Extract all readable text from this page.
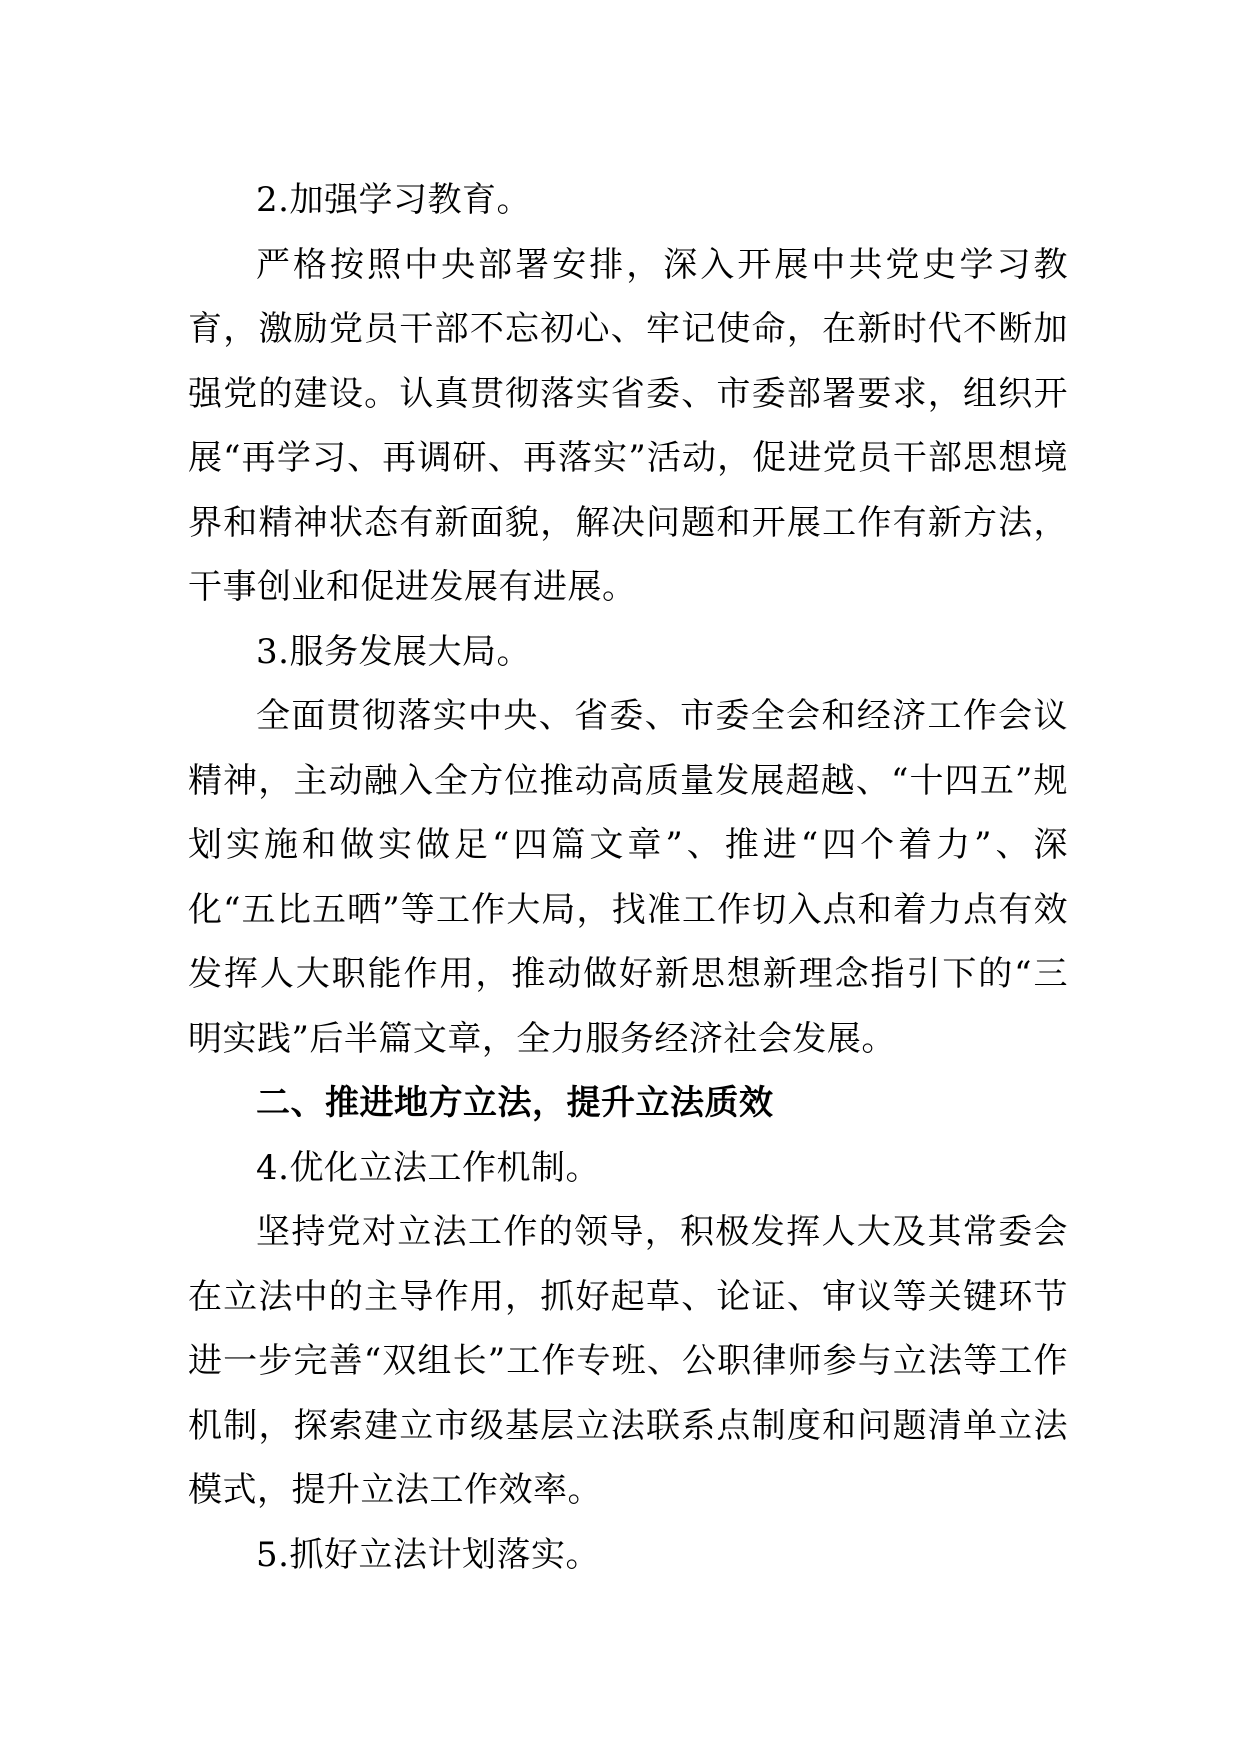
2.加强学习教育。

严格按照中央部署安排，深入开展中共党史学习教育，激励党员干部不忘初心、牢记使命，在新时代不断加强党的建设。认真贯彻落实省委、市委部署要求，组织开展“再学习、再调研、再落实”活动，促进党员干部思想境界和精神状态有新面貌，解决问题和开展工作有新方法，干事创业和促进发展有进展。

3.服务发展大局。

全面贯彻落实中央、省委、市委全会和经济工作会议精神，主动融入全方位推动高质量发展超越、“十四五”规划实施和做实做足“四篇文章”、推进“四个着力”、深化“五比五晒”等工作大局，找准工作切入点和着力点有效发挥人大职能作用，推动做好新思想新理念指引下的“三明实践”后半篇文章，全力服务经济社会发展。

二、推进地方立法，提升立法质效

4.优化立法工作机制。

坚持党对立法工作的领导，积极发挥人大及其常委会在立法中的主导作用，抓好起草、论证、审议等关键环节进一步完善“双组长”工作专班、公职律师参与立法等工作机制，探索建立市级基层立法联系点制度和问题清单立法模式，提升立法工作效率。

5.抓好立法计划落实。
